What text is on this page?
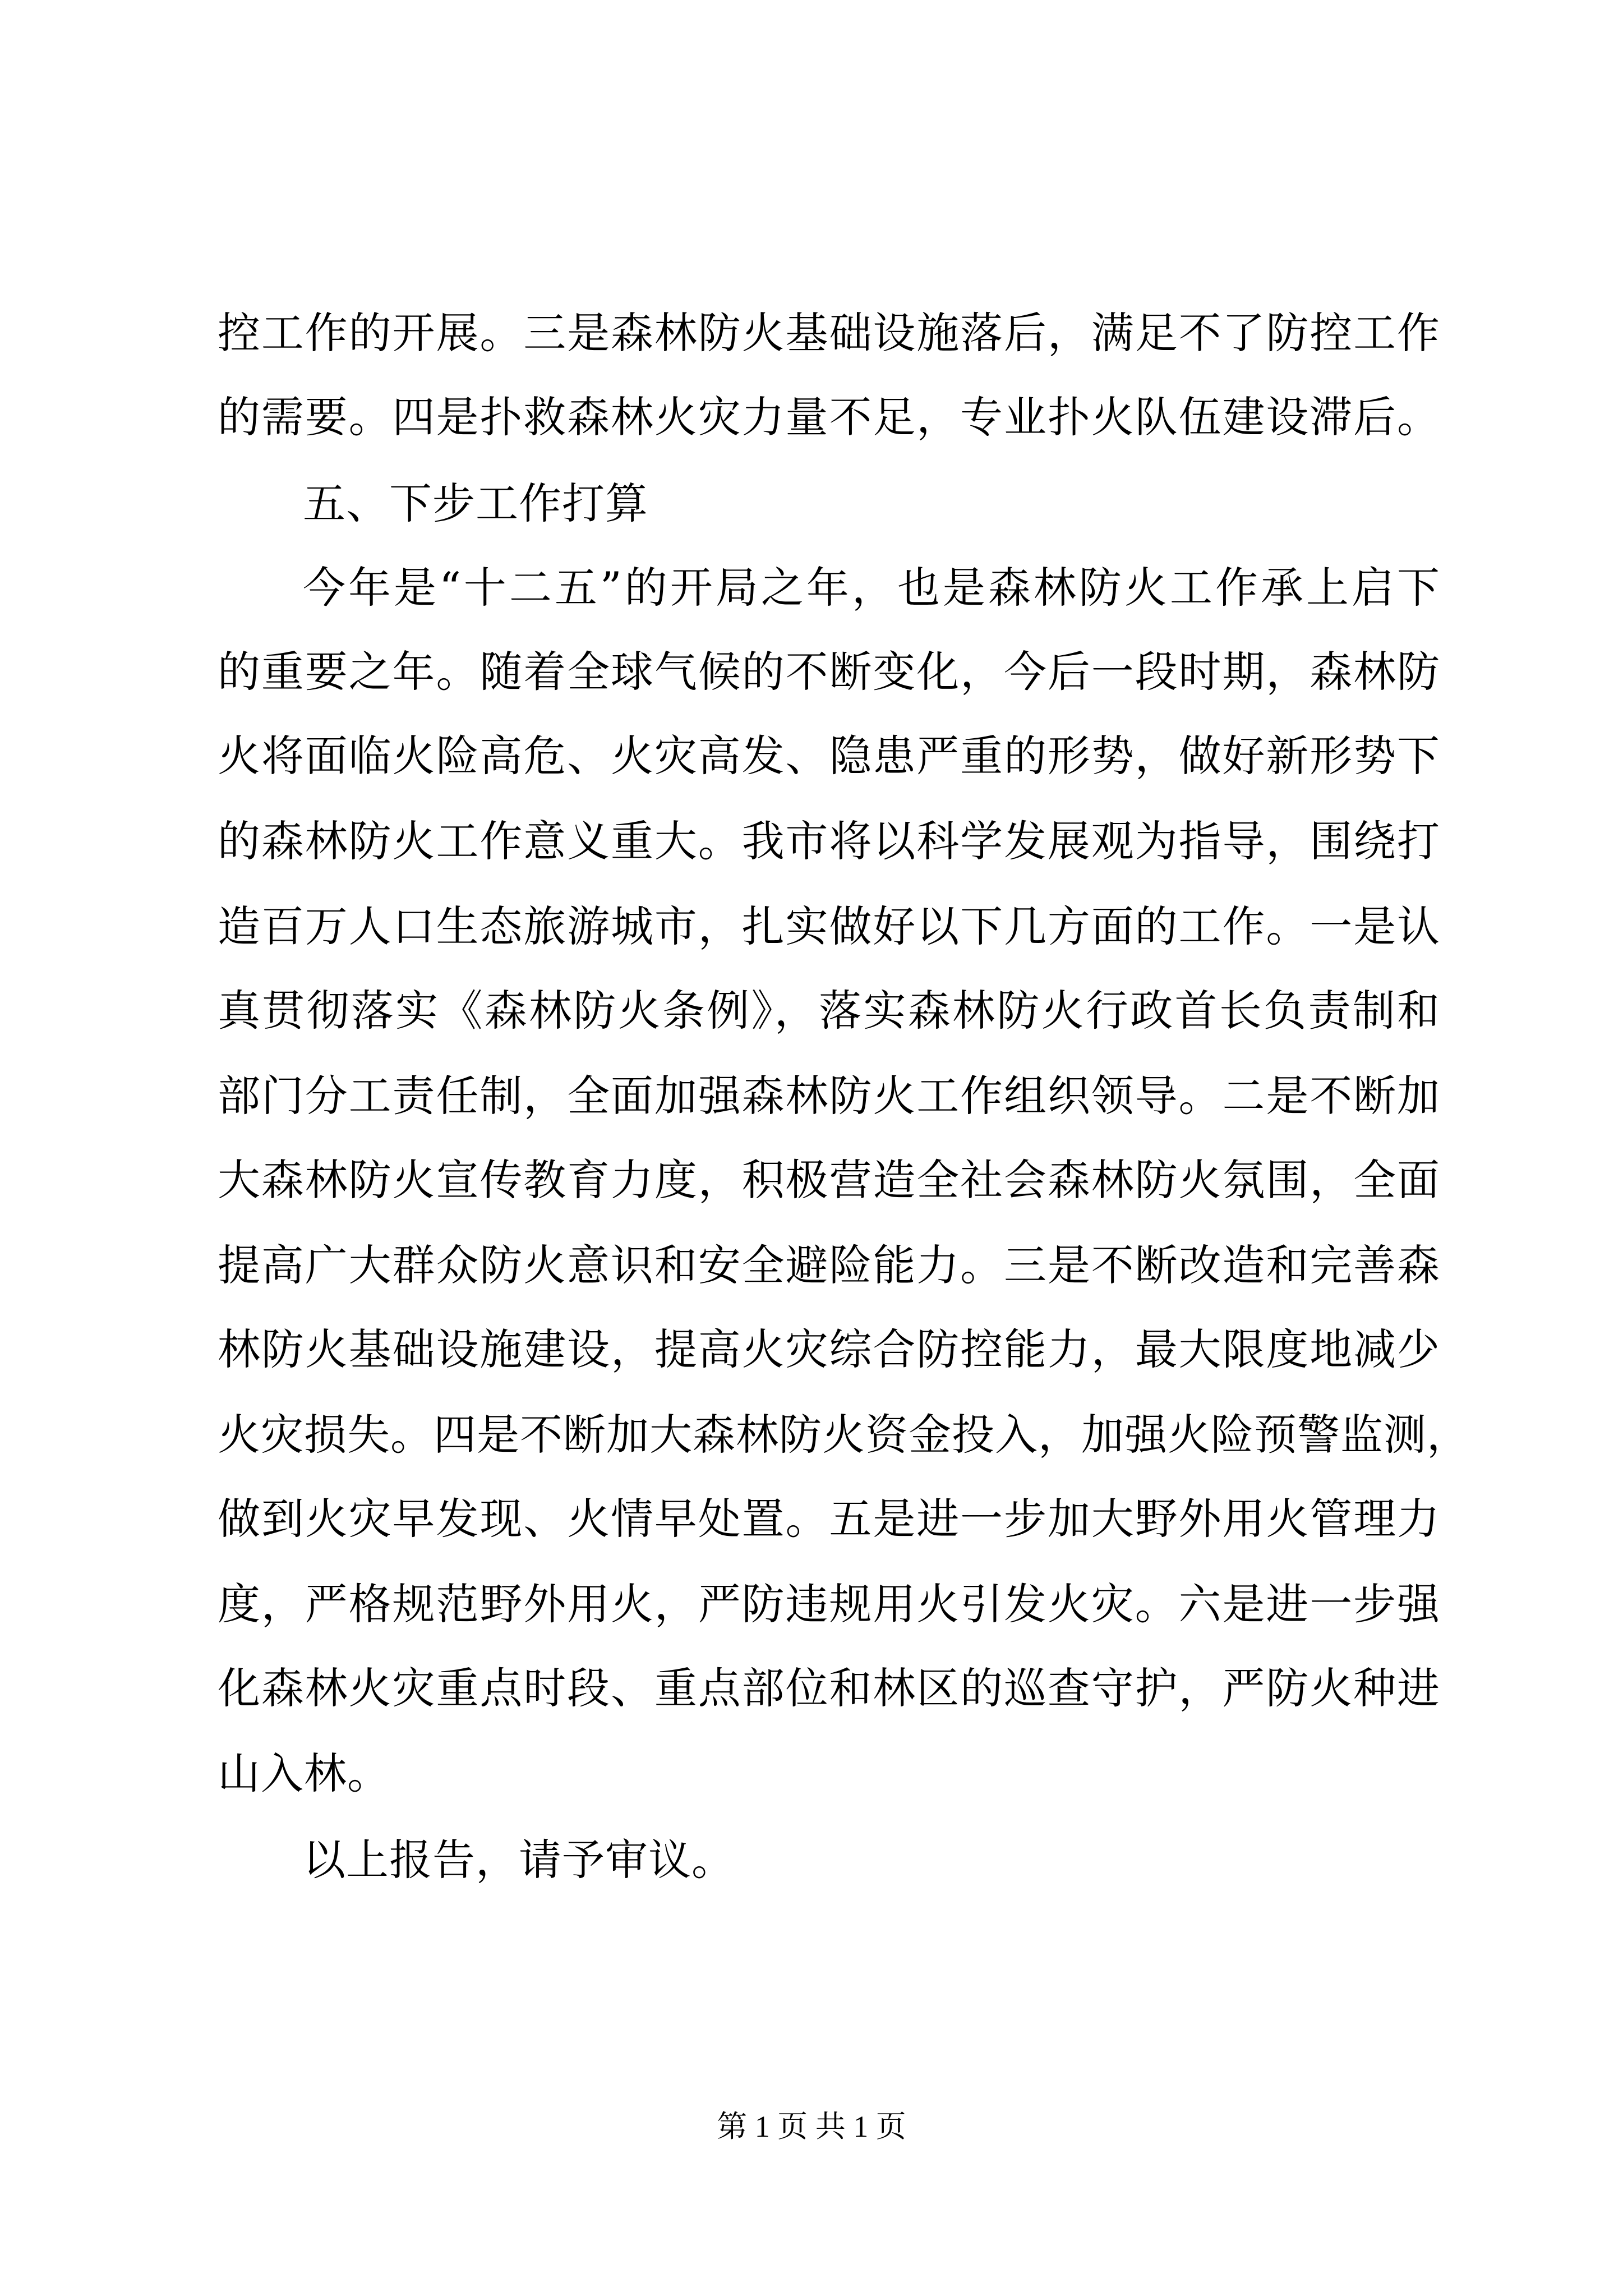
控工作的开展。三是森林防火基础设施落后，满足不了防控工作
的需要。四是扑救森林火灾力量不足，专业扑火队伍建设滞后。
五、下步工作打算
今年是“十二五”的开局之年，也是森林防火工作承上启下
的重要之年。随着全球气候的不断变化，今后一段时期，森林防
火将面临火险高危、火灾高发、隐患严重的形势，做好新形势下
的森林防火工作意义重大。我市将以科学发展观为指导，围绕打
造百万人口生态旅游城市，扎实做好以下几方面的工作。一是认
真贯彻落实《森林防火条例》，落实森林防火行政首长负责制和
部门分工责任制，全面加强森林防火工作组织领导。二是不断加
大森林防火宣传教育力度，积极营造全社会森林防火氛围，全面
提高广大群众防火意识和安全避险能力。三是不断改造和完善森
林防火基础设施建设，提高火灾综合防控能力，最大限度地减少
火灾损失。四是不断加大森林防火资金投入，加强火险预警监测，
做到火灾早发现、火情早处置。五是进一步加大野外用火管理力
度，严格规范野外用火，严防违规用火引发火灾。六是进一步强
化森林火灾重点时段、重点部位和林区的巡查守护，严防火种进
山入林。
以上报告，请予审议。
第 1 页 共 1 页
